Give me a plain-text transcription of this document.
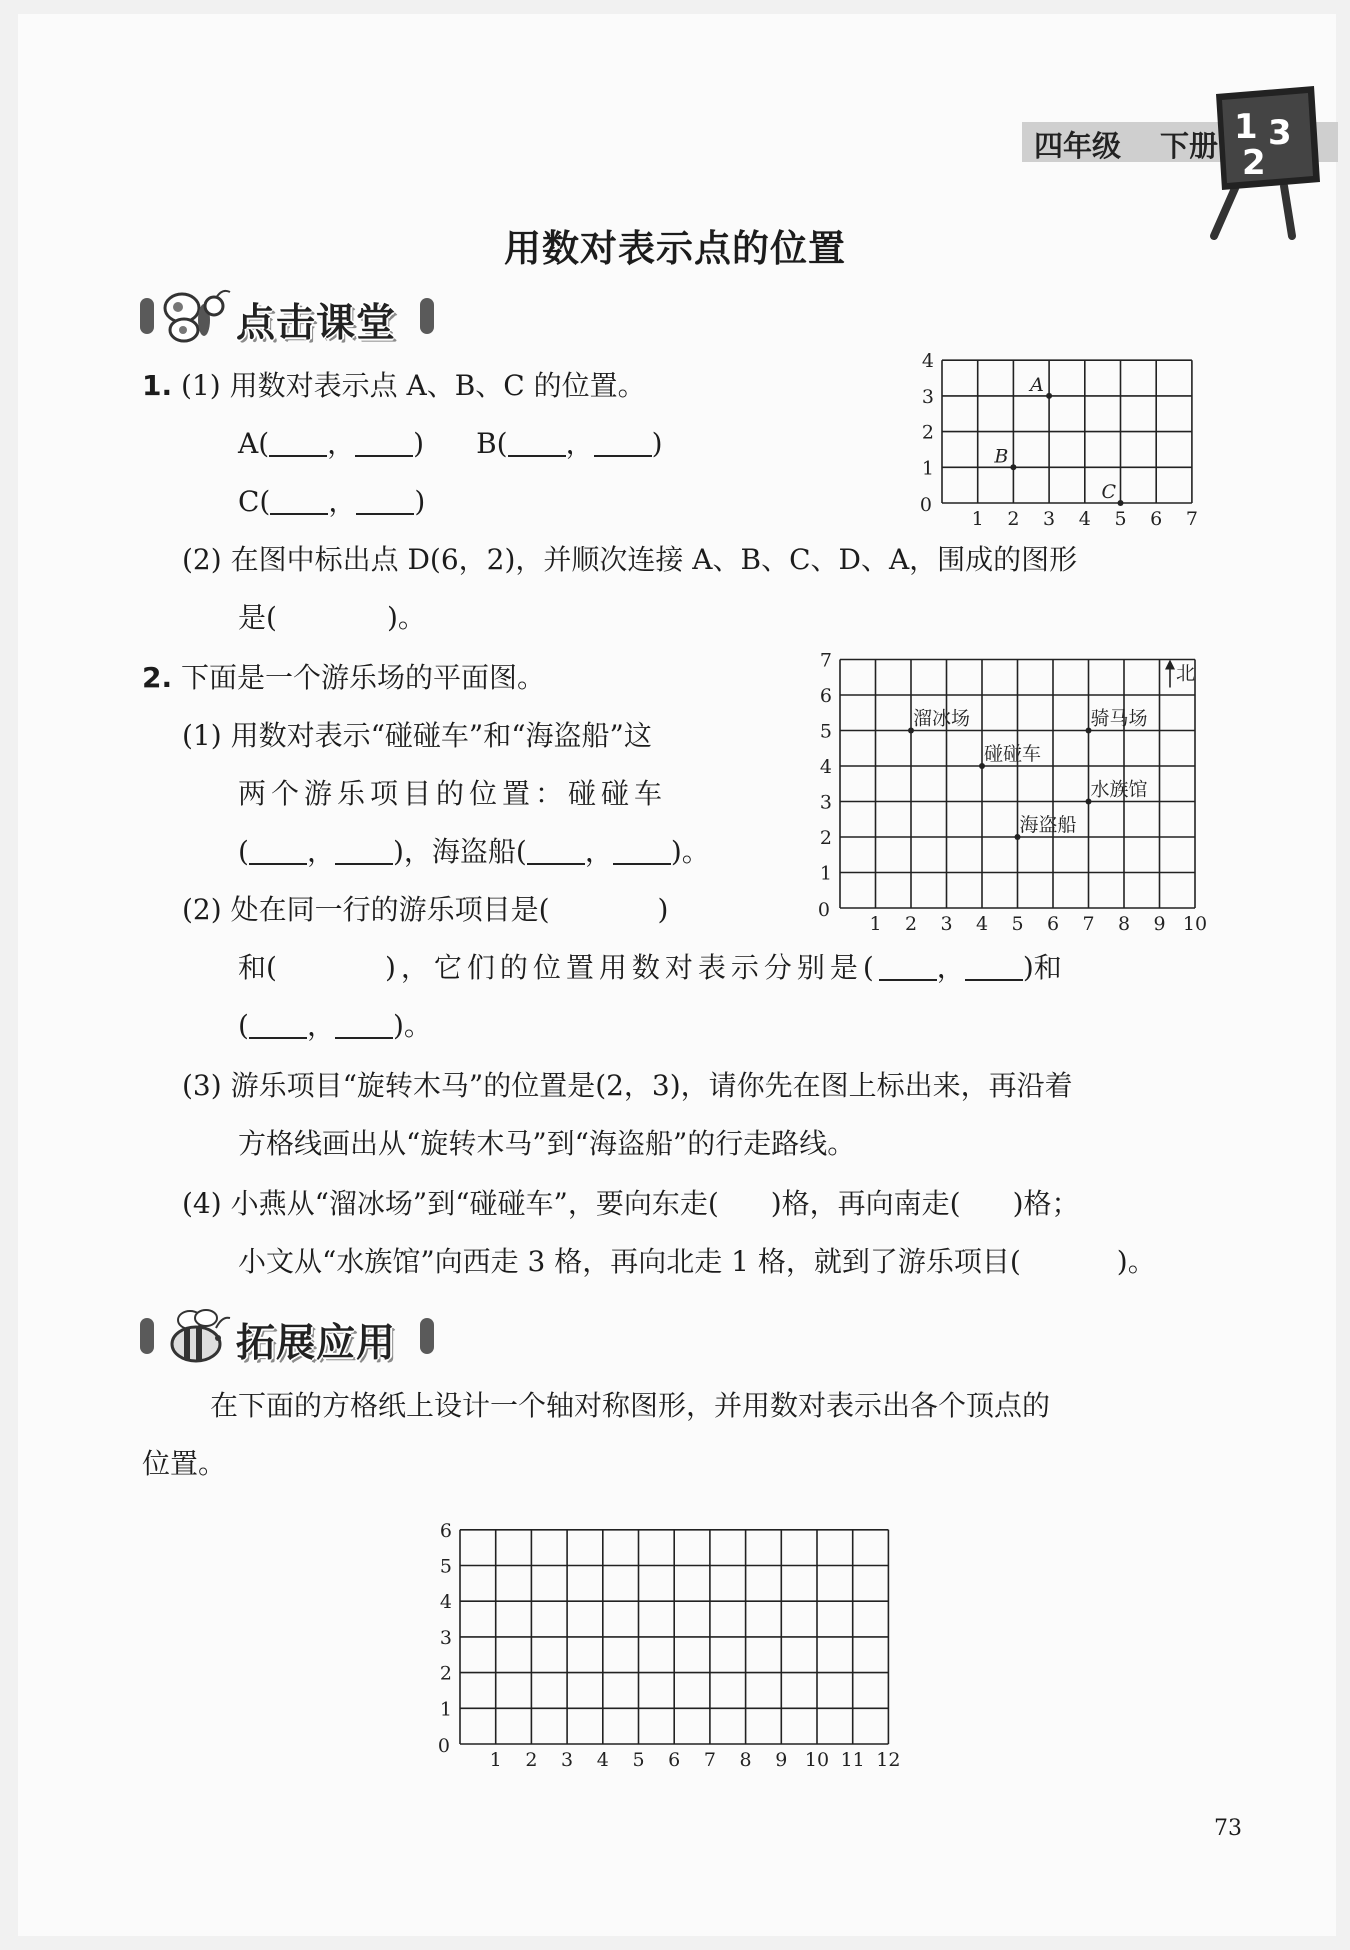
四年级 下册 1 3
2
用数对表示点的位置
点击课堂
1. (1) 用数对表示点 A、B、C 的位置。
A( ， ) B( ， )
C( ， )
(2) 在图中标出点 D(6，2)，并顺次连接 A、B、C、D、A，围成的图形
是(	)。
1 2 3 4 5 6 7
1
2
3
4
0
A
B
C
2. 下面是一个游乐场的平面图。
(1) 用数对表示“碰碰车”和“海盗船”这
两个游乐项目的位置：碰碰车
( ， )，海盗船( ， )。
(2) 处在同一行的游乐项目是(	)
和(	)，它们的位置用数对表示分别是( ， )和
( ， )。
(3) 游乐项目“旋转木马”的位置是(2，3)，请你先在图上标出来，再沿着
方格线画出从“旋转木马”到“海盗船”的行走路线。
(4) 小燕从“溜冰场”到“碰碰车”，要向东走( )格，再向南走( )格；
小文从“水族馆”向西走 3 格，再向北走 1 格，就到了游乐项目(	)。
1 2 3 4 5 6 7 8 9 10
1
2
3
4
5
6
7
0
北
溜冰场
碰碰车
骑马场
水族馆
海盗船
拓展应用
在下面的方格纸上设计一个轴对称图形，并用数对表示出各个顶点的
位置。
1 2 3 4 5 6 7 8 9 10 11 12
1
2
3
4
5
6
0
73
